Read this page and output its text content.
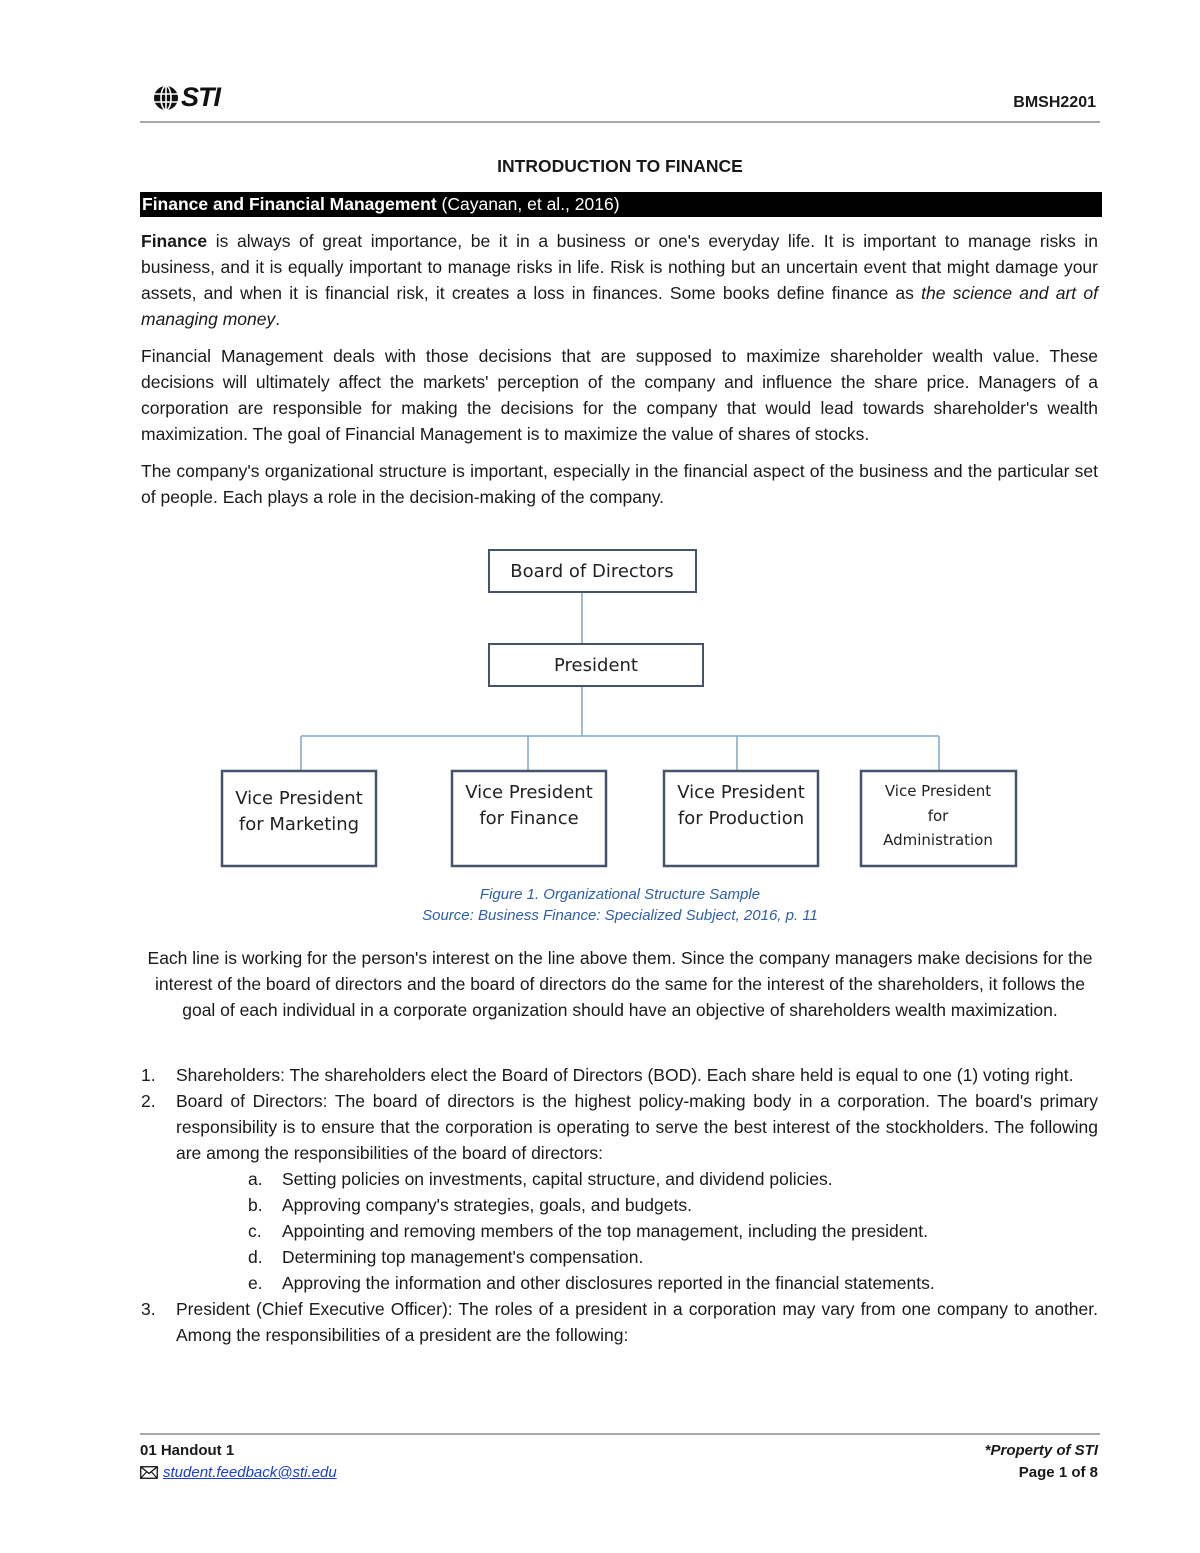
STI	BMSH2201
INTRODUCTION TO FINANCE
Finance and Financial Management (Cayanan, et al., 2016)

Finance is always of great importance, be it in a business or one's everyday life. It is important to manage risks in business, and it is equally important to manage risks in life. Risk is nothing but an uncertain event that might damage your assets, and when it is financial risk, it creates a loss in finances. Some books define finance as the science and art of managing money.

Financial Management deals with those decisions that are supposed to maximize shareholder wealth value. These decisions will ultimately affect the markets' perception of the company and influence the share price. Managers of a corporation are responsible for making the decisions for the company that would lead towards shareholder's wealth maximization. The goal of Financial Management is to maximize the value of shares of stocks.

The company's organizational structure is important, especially in the financial aspect of the business and the particular set of people. Each plays a role in the decision-making of the company.

Board of Directors
President
Vice President
for Marketing
Vice President
for Finance
Vice President
for Production
Vice President
for
Administration
Figure 1. Organizational Structure Sample
Source: Business Finance: Specialized Subject, 2016, p. 11
Each line is working for the person's interest on the line above them. Since the company managers make decisions for the interest of the board of directors and the board of directors do the same for the interest of the shareholders, it follows the goal of each individual in a corporate organization should have an objective of shareholders wealth maximization.
1. Shareholders: The shareholders elect the Board of Directors (BOD). Each share held is equal to one (1) voting right.
2. Board of Directors: The board of directors is the highest policy-making body in a corporation. The board's primary responsibility is to ensure that the corporation is operating to serve the best interest of the stockholders. The following are among the responsibilities of the board of directors:
a. Setting policies on investments, capital structure, and dividend policies.
b. Approving company's strategies, goals, and budgets.
c. Appointing and removing members of the top management, including the president.
d. Determining top management's compensation.
e. Approving the information and other disclosures reported in the financial statements.
3. President (Chief Executive Officer): The roles of a president in a corporation may vary from one company to another. Among the responsibilities of a president are the following:
01 Handout 1
student.feedback@sti.edu
*Property of STI
Page 1 of 8
